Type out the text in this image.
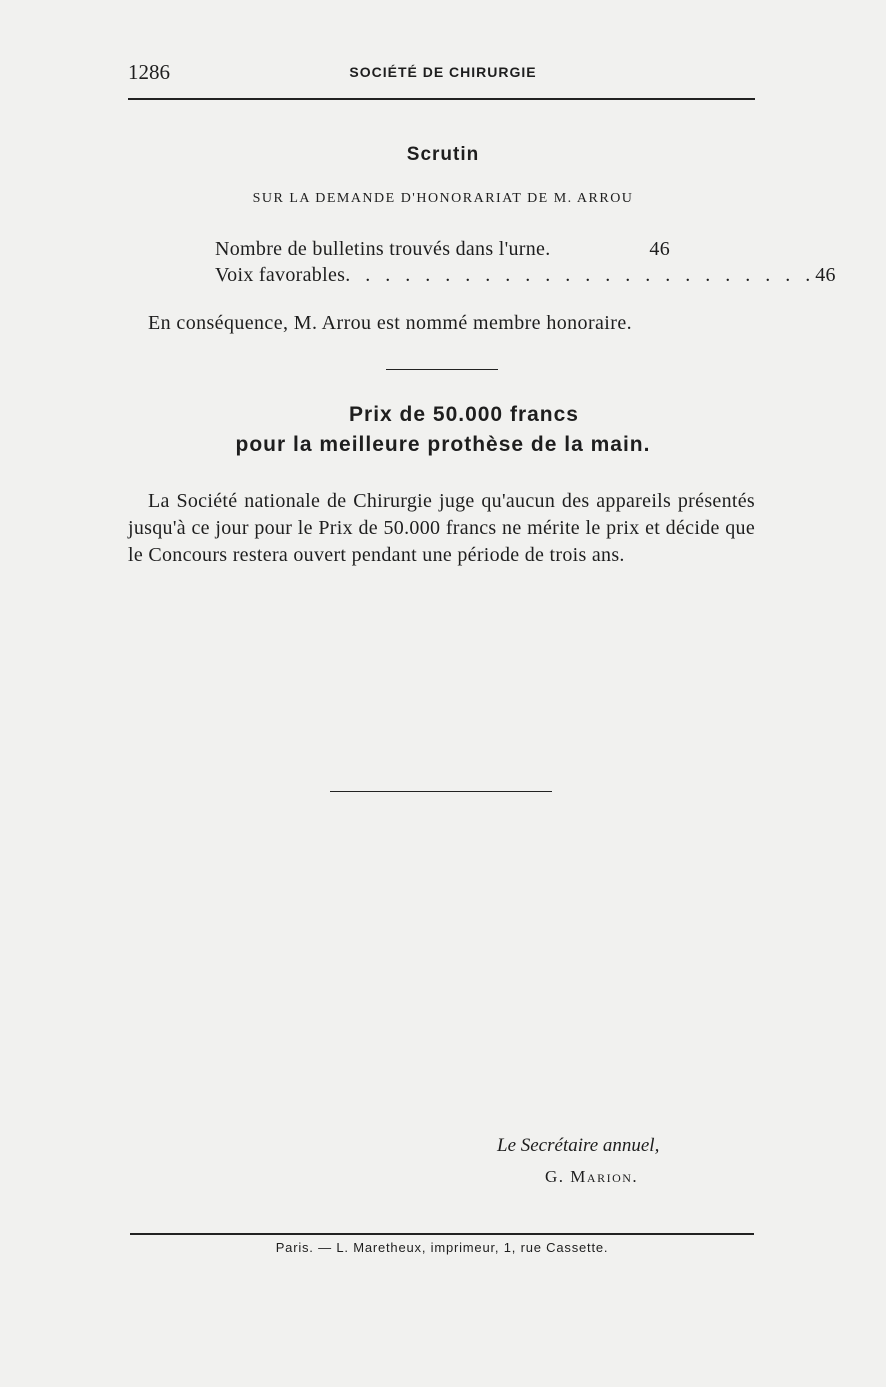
1286	SOCIÉTÉ DE CHIRURGIE
Scrutin
SUR LA DEMANDE D'HONORARIAT DE M. ARROU
Nombre de bulletins trouvés dans l'urne.	46
Voix favorables . . . . . . . . . . . . . . . . . . . . . . . . 46
En conséquence, M. Arrou est nommé membre honoraire.
Prix de 50.000 francs
pour la meilleure prothèse de la main.
La Société nationale de Chirurgie juge qu'aucun des appareils présentés jusqu'à ce jour pour le Prix de 50.000 francs ne mérite le prix et décide que le Concours restera ouvert pendant une période de trois ans.
Le Secrétaire annuel,
G. Marion.
Paris. — L. Maretheux, imprimeur, 1, rue Cassette.
